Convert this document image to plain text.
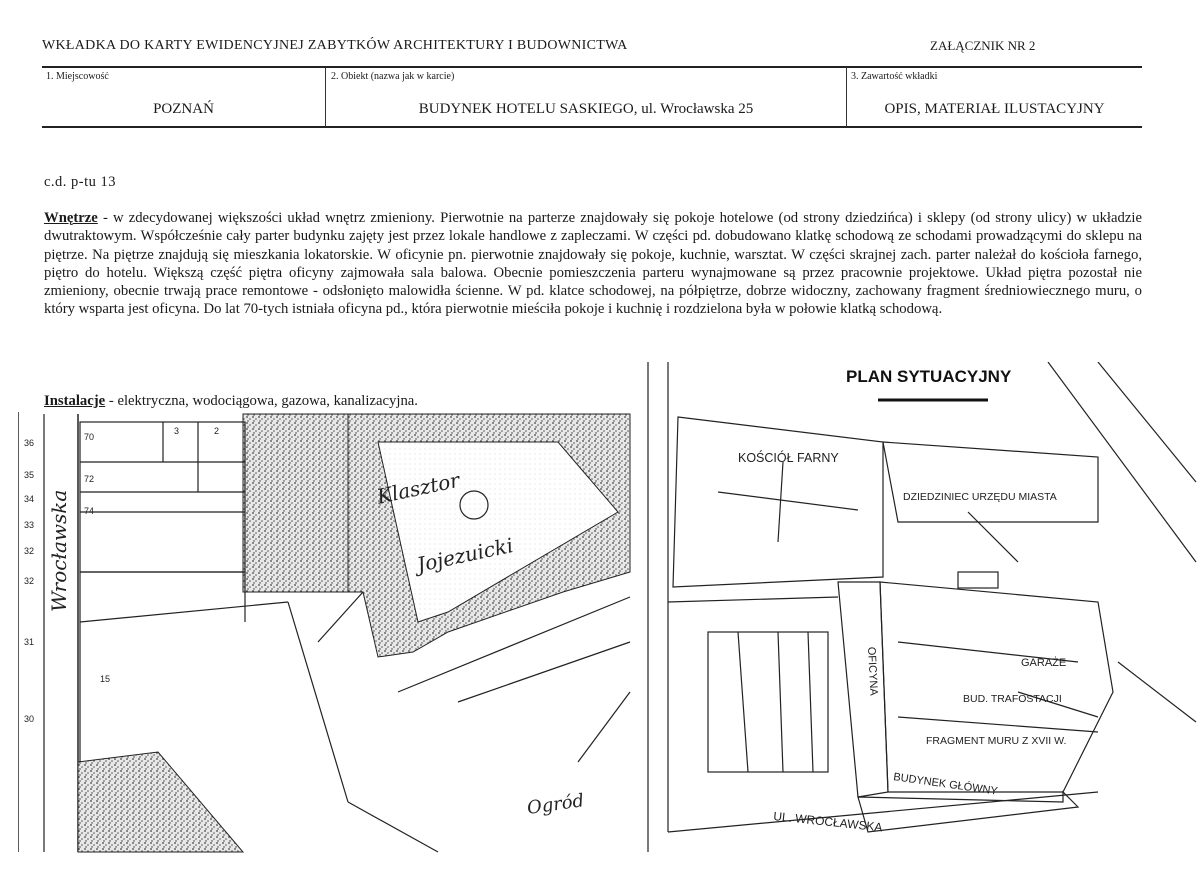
WKŁADKA DO KARTY EWIDENCYJNEJ ZABYTKÓW ARCHITEKTURY I BUDOWNICTWA	ZAŁĄCZNIK NR 2
1. Miejscowość	2. Obiekt (nazwa jak w karcie)	3. Zawartość wkładki
POZNAŃ	BUDYNEK HOTELU SASKIEGO, ul. Wrocławska 25	OPIS, MATERIAŁ ILUSTACYJNY
c.d. p-tu 13

Wnętrze - w zdecydowanej większości układ wnętrz zmieniony. Pierwotnie na parterze znajdowały się pokoje hotelowe (od strony dziedzińca) i sklepy (od strony ulicy) w układzie dwutraktowym. Współcześnie cały parter budynku zajęty jest przez lokale handlowe z zapleczami. W części pd. dobudowano klatkę schodową ze schodami prowadzącymi do sklepu na piętrze. Na piętrze znajdują się mieszkania lokatorskie. W oficynie pn. pierwotnie znajdowały się pokoje, kuchnie, warsztat. W części skrajnej zach. parter należał do kościoła farnego, piętro do hotelu. Większą część piętra oficyny zajmowała sala balowa. Obecnie pomieszczenia parteru wynajmowane są przez pracownie projektowe. Układ piętra pozostał nie zmieniony, obecnie trwają prace remontowe - odsłonięto malowidła ścienne. W pd. klatce schodowej, na półpiętrze, dobrze widoczny, zachowany fragment średniowiecznego muru, o który wsparta jest oficyna. Do lat 70-tych istniała oficyna pd., która pierwotnie mieściła pokoje i kuchnię i rozdzielona była w połowie klatką schodową.

Instalacje - elektryczna, wodociągowa, gazowa, kanalizacyjna.
36
35
34
33
32
32
31
30
70
72
74
15
2
3
Wrocławska
Klasztor
Jojezuicki
Ogród
PLAN SYTUACYJNY
KOŚCIÓŁ FARNY
DZIEDZINIEC URZĘDU MIASTA
OFICYNA	GARAŻE
BUD. TRAFOSTACJI
FRAGMENT MURU Z XVII W.
BUDYNEK GŁÓWNY
UL. WROCŁAWSKA
